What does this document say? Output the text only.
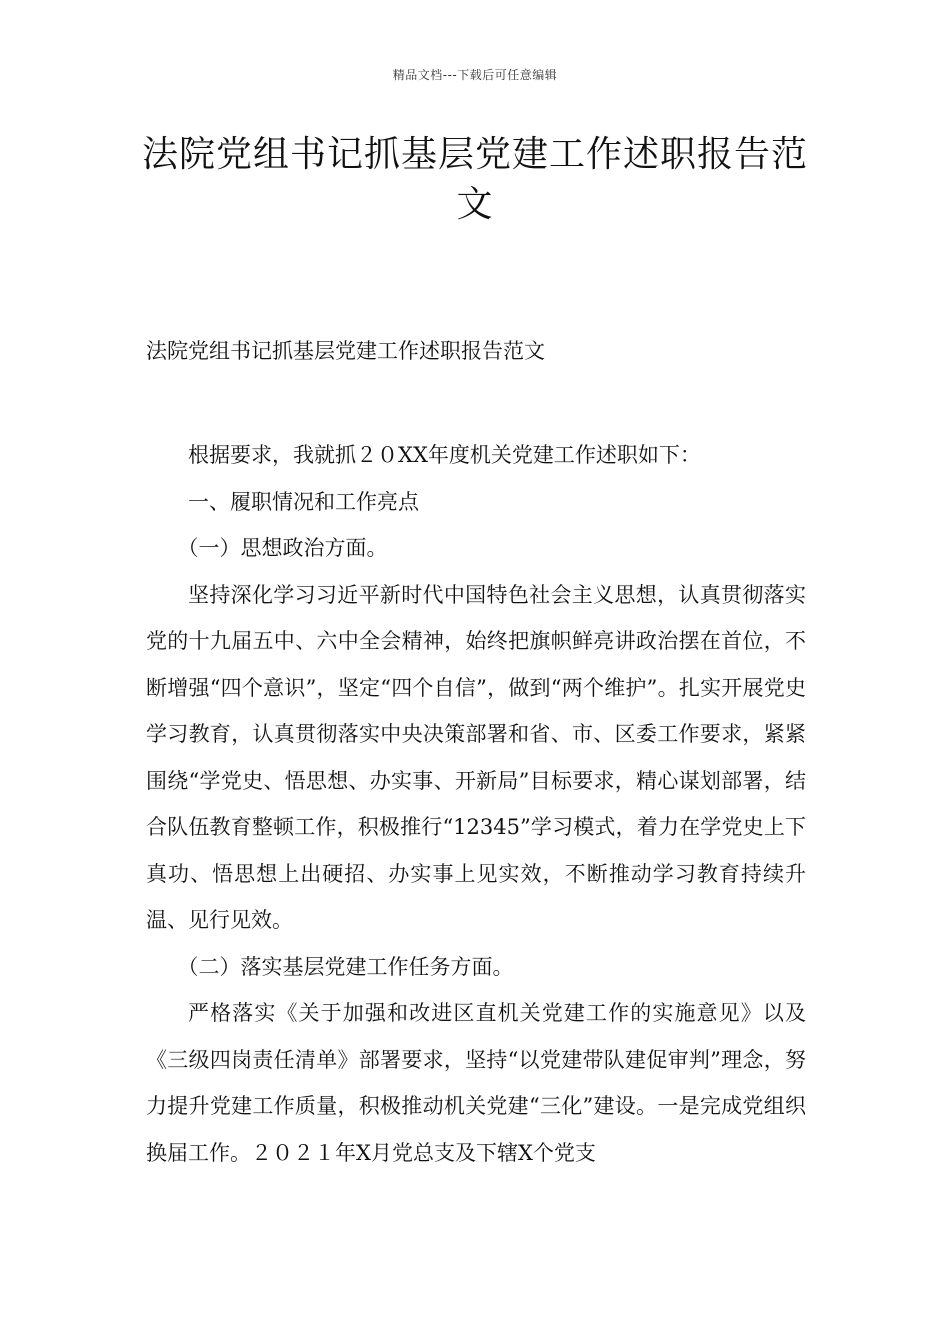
精品文档---下载后可任意编辑
法院党组书记抓基层党建工作述职报告范文

法院党组书记抓基层党建工作述职报告范文

根据要求，我就抓２０XX年度机关党建工作述职如下：

一、履职情况和工作亮点

（一）思想政治方面。

坚持深化学习习近平新时代中国特色社会主义思想，认真贯彻落实党的十九届五中、六中全会精神，始终把旗帜鲜亮讲政治摆在首位，不断增强“四个意识”，坚定“四个自信”，做到“两个维护”。扎实开展党史学习教育，认真贯彻落实中央决策部署和省、市、区委工作要求，紧紧围绕“学党史、悟思想、办实事、开新局”目标要求，精心谋划部署，结合队伍教育整顿工作，积极推行“12345”学习模式，着力在学党史上下真功、悟思想上出硬招、办实事上见实效，不断推动学习教育持续升温、见行见效。

（二）落实基层党建工作任务方面。

严格落实《关于加强和改进区直机关党建工作的实施意见》以及《三级四岗责任清单》部署要求，坚持“以党建带队建促审判”理念，努力提升党建工作质量，积极推动机关党建“三化”建设。一是完成党组织换届工作。２０２１年X月党总支及下辖X个党支
